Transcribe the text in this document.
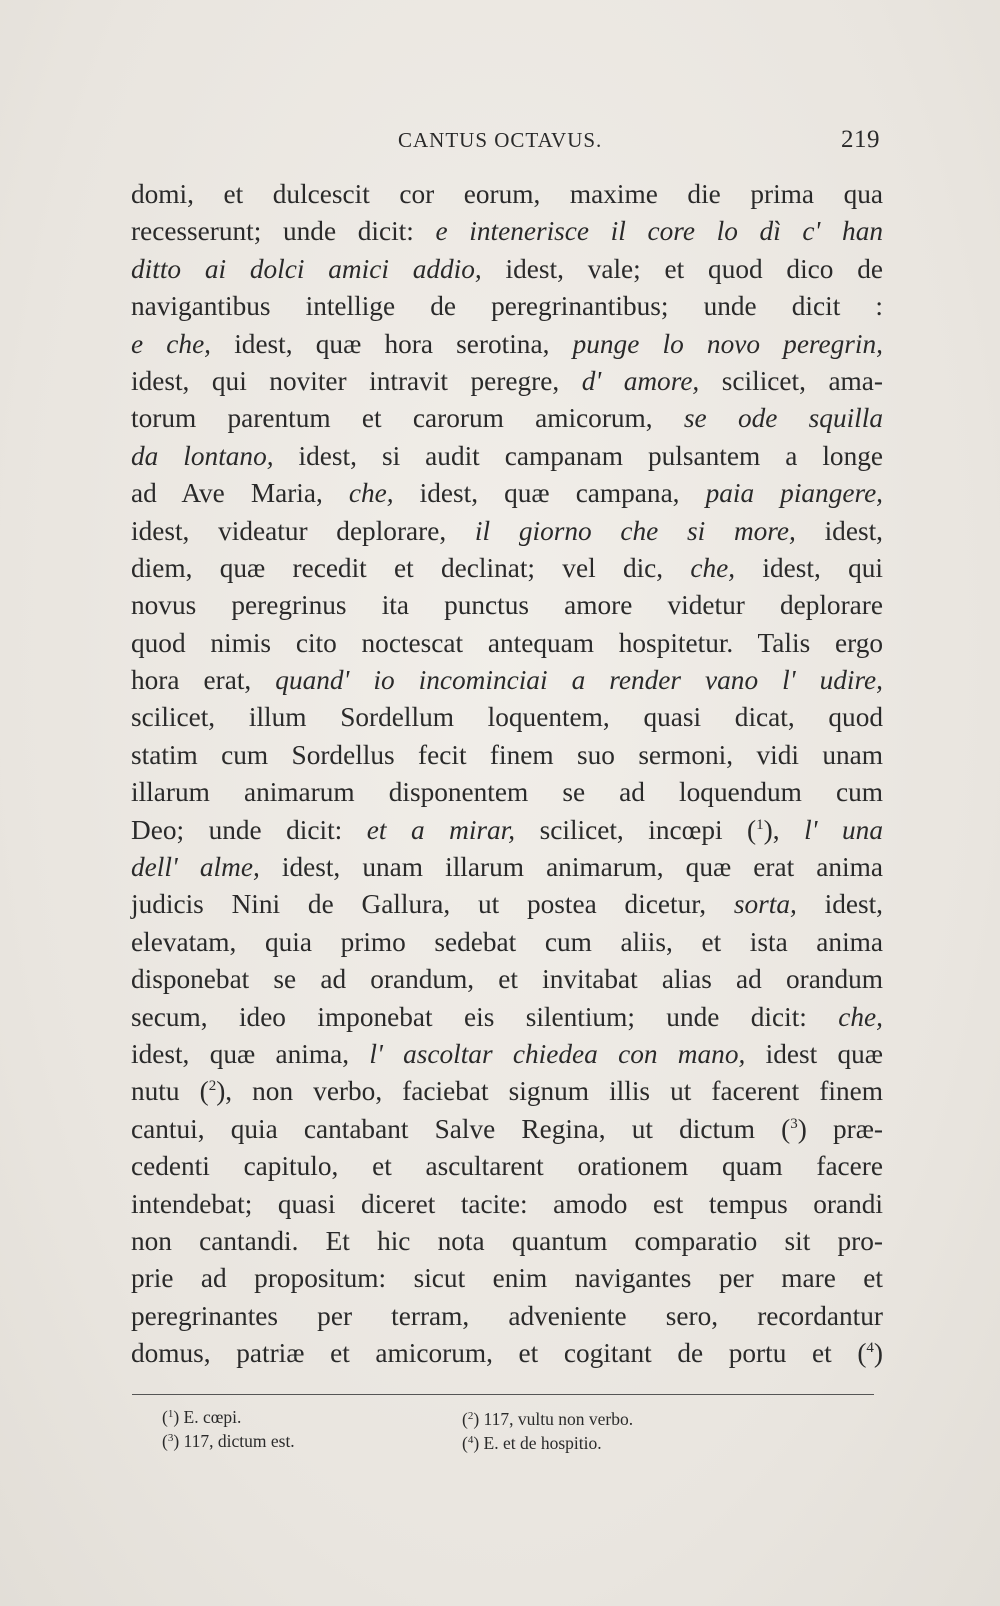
CANTUS OCTAVUS.	219
domi, et dulcescit cor eorum, maxime die prima qua
recesserunt; unde dicit: e intenerisce il core lo dì c' han
ditto ai dolci amici addio, idest, vale; et quod dico de
navigantibus intellige de peregrinantibus; unde dicit :
e che, idest, quæ hora serotina, punge lo novo peregrin,
idest, qui noviter intravit peregre, d' amore, scilicet, ama-
torum parentum et carorum amicorum, se ode squilla
da lontano, idest, si audit campanam pulsantem a longe
ad Ave Maria, che, idest, quæ campana, paia piangere,
idest, videatur deplorare, il giorno che si more, idest,
diem, quæ recedit et declinat; vel dic, che, idest, qui
novus peregrinus ita punctus amore videtur deplorare
quod nimis cito noctescat antequam hospitetur. Talis ergo
hora erat, quand' io incominciai a render vano l' udire,
scilicet, illum Sordellum loquentem, quasi dicat, quod
statim cum Sordellus fecit finem suo sermoni, vidi unam
illarum animarum disponentem se ad loquendum cum
Deo; unde dicit: et a mirar, scilicet, incœpi ($^1$), l' una
dell' alme, idest, unam illarum animarum, quæ erat anima
judicis Nini de Gallura, ut postea dicetur, sorta, idest,
elevatam, quia primo sedebat cum aliis, et ista anima
disponebat se ad orandum, et invitabat alias ad orandum
secum, ideo imponebat eis silentium; unde dicit: che,
idest, quæ anima, l' ascoltar chiedea con mano, idest quæ
nutu ($^2$), non verbo, faciebat signum illis ut facerent finem
cantui, quia cantabant Salve Regina, ut dictum ($^3$) præ-
cedenti capitulo, et ascultarent orationem quam facere
intendebat; quasi diceret tacite: amodo est tempus orandi
non cantandi. Et hic nota quantum comparatio sit pro-
prie ad propositum: sicut enim navigantes per mare et
peregrinantes per terram, adveniente sero, recordantur
domus, patriæ et amicorum, et cogitant de portu et ($^4$)
($^1$) E. cœpi.	($^2$) 117, vultu non verbo.
($^3$) 117, dictum est.	($^4$) E. et de hospitio.
